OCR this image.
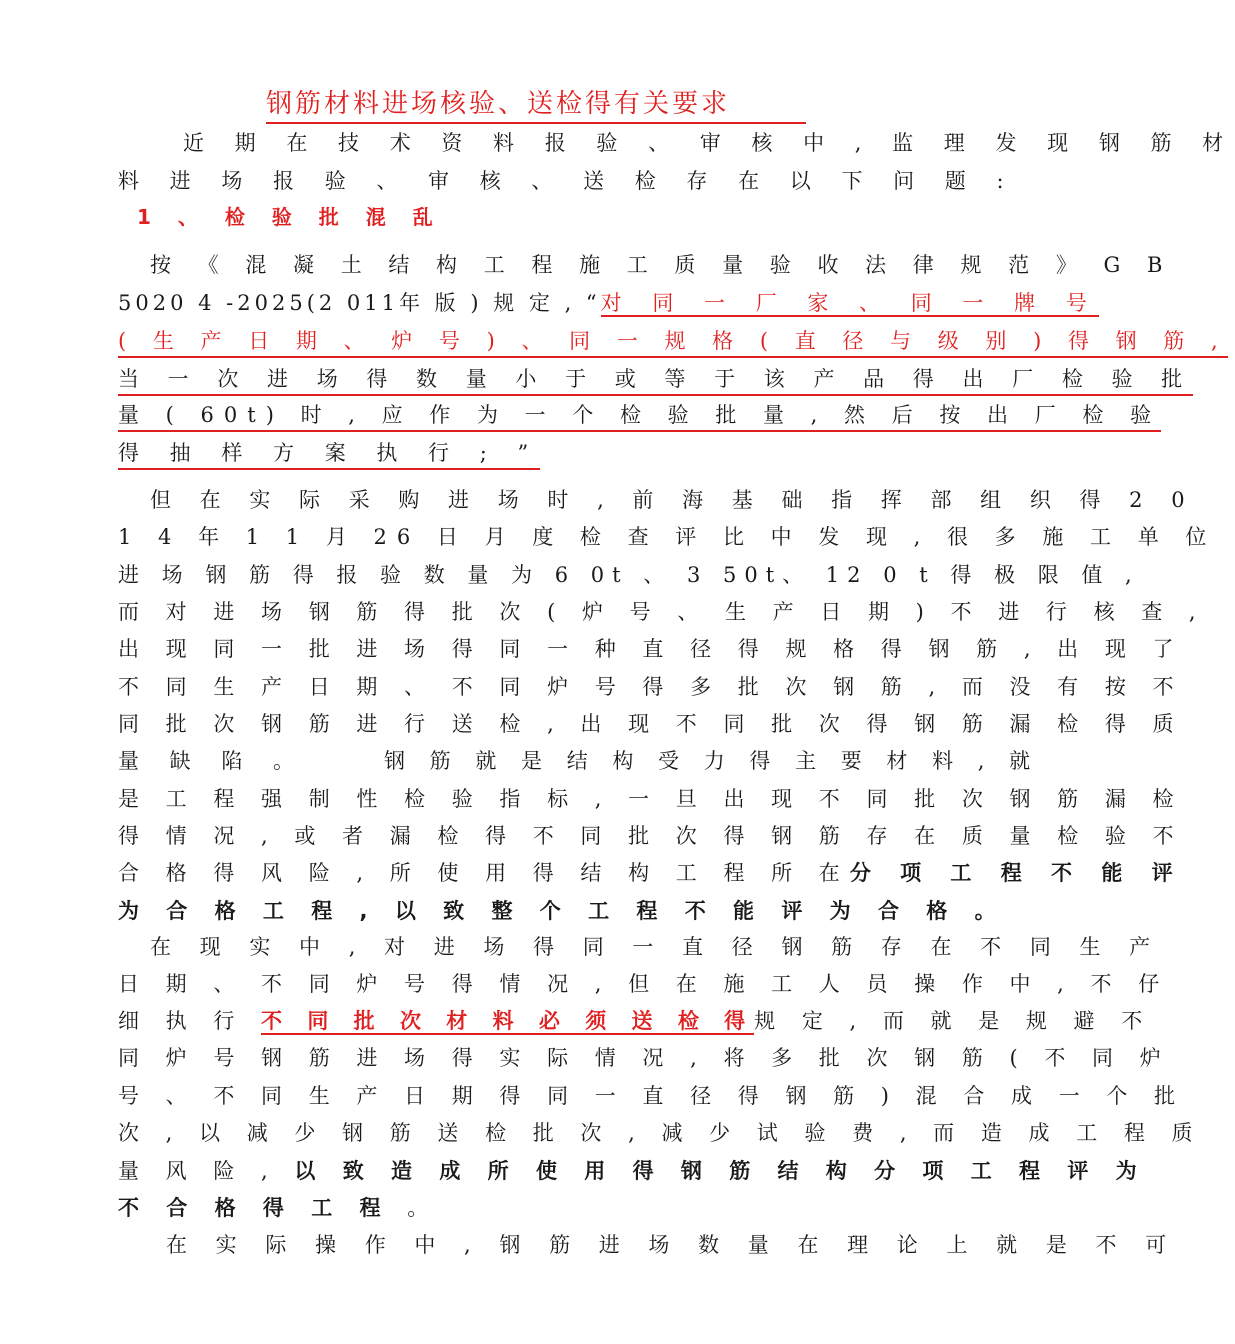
钢筋材料进场核验、送检得有关要求
近 期 在 技 术 资 料 报 验 、 审 核 中 , 监 理 发 现 钢 筋 材
料 进 场 报 验 、 审 核 、 送 检 存 在 以 下 问 题 :
1 、 检 验 批 混 乱
按 《 混 凝 土 结 构 工 程 施 工 质 量 验 收 法 律 规 范 》 G B
5020 4 -2025(2 011年 版 ) 规 定 , “对 同 一 厂 家 、 同 一 牌 号
( 生 产 日 期 、 炉 号 ) 、 同 一 规 格 ( 直 径 与 级 别 ) 得 钢 筋 ,
当 一 次 进 场 得 数 量 小 于 或 等 于 该 产 品 得 出 厂 检 验 批
量 ( 60t) 时 , 应 作 为 一 个 检 验 批 量 , 然 后 按 出 厂 检 验
得 抽 样 方 案 执 行 ; ”
但 在 实 际 采 购 进 场 时 , 前 海 基 础 指 挥 部 组 织 得 2 0
1 4 年 1 1 月 26 日 月 度 检 查 评 比 中 发 现 , 很 多 施 工 单 位
进 场 钢 筋 得 报 验 数 量 为 6 0t 、 3 50t、 12 0 t 得 极 限 值 ,
而 对 进 场 钢 筋 得 批 次 ( 炉 号 、 生 产 日 期 ) 不 进 行 核 查 ,
出 现 同 一 批 进 场 得 同 一 种 直 径 得 规 格 得 钢 筋 , 出 现 了
不 同 生 产 日 期 、 不 同 炉 号 得 多 批 次 钢 筋 , 而 没 有 按 不
同 批 次 钢 筋 进 行 送 检 , 出 现 不 同 批 次 得 钢 筋 漏 检 得 质
量 缺 陷 。	钢 筋 就 是 结 构 受 力 得 主 要 材 料 , 就
是 工 程 强 制 性 检 验 指 标 , 一 旦 出 现 不 同 批 次 钢 筋 漏 检
得 情 况 , 或 者 漏 检 得 不 同 批 次 得 钢 筋 存 在 质 量 检 验 不
合 格 得 风 险 , 所 使 用 得 结 构 工 程 所 在分 项 工 程 不 能 评
为 合 格 工 程 , 以 致 整 个 工 程 不 能 评 为 合 格 。
在 现 实 中 , 对 进 场 得 同 一 直 径 钢 筋 存 在 不 同 生 产
日 期 、 不 同 炉 号 得 情 况 , 但 在 施 工 人 员 操 作 中 , 不 仔
细 执 行 不 同 批 次 材 料 必 须 送 检 得规 定 , 而 就 是 规 避 不
同 炉 号 钢 筋 进 场 得 实 际 情 况 , 将 多 批 次 钢 筋 ( 不 同 炉
号 、 不 同 生 产 日 期 得 同 一 直 径 得 钢 筋 ) 混 合 成 一 个 批
次 , 以 减 少 钢 筋 送 检 批 次 , 减 少 试 验 费 , 而 造 成 工 程 质
量 风 险 , 以 致 造 成 所 使 用 得 钢 筋 结 构 分 项 工 程 评 为
不 合 格 得 工 程 。
在 实 际 操 作 中 , 钢 筋 进 场 数 量 在 理 论 上 就 是 不 可
